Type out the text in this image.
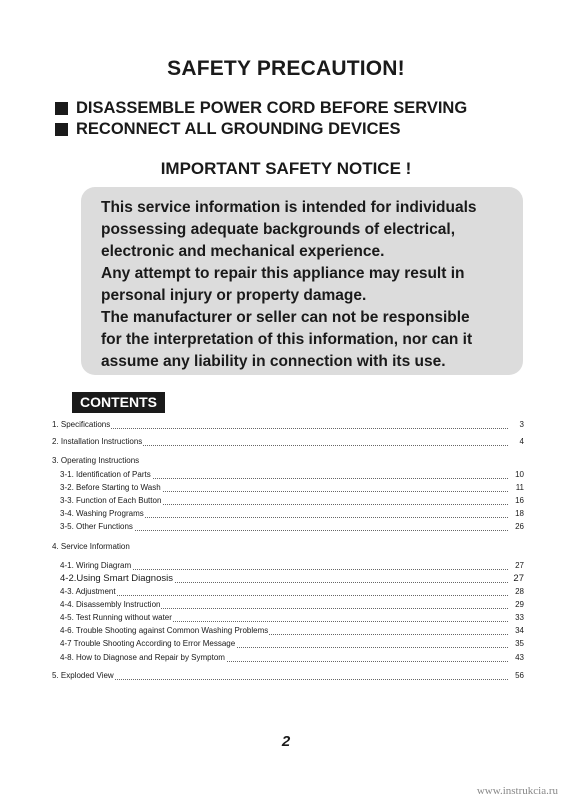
SAFETY PRECAUTION!
DISASSEMBLE POWER CORD BEFORE SERVING
RECONNECT ALL GROUNDING DEVICES
IMPORTANT SAFETY NOTICE !
This service information is intended for individuals
possessing adequate backgrounds of electrical,
electronic and mechanical experience.
Any attempt to repair this appliance may result in
personal injury or property damage.
The manufacturer or seller can not be responsible
for the interpretation of this information, nor can it
assume any liability in connection with its use.
CONTENTS
1. Specifications	3
2. Installation Instructions	4
3. Operating Instructions
3-1. Identification of Parts	10
3-2. Before Starting to Wash	11
3-3. Function of Each Button	16
3-4. Washing Programs	18
3-5. Other Functions	26
4. Service Information
4-1. Wiring Diagram	27
4-2.Using Smart Diagnosis	27
4-3. Adjustment	28
4-4. Disassembly Instruction	29
4-5. Test Running without water	33
4-6. Trouble Shooting against Common Washing Problems	34
4-7 Trouble Shooting According to Error Message	35
4-8. How to Diagnose and Repair by Symptom	43
5. Exploded View	56
2
www.instrukcia.ru
